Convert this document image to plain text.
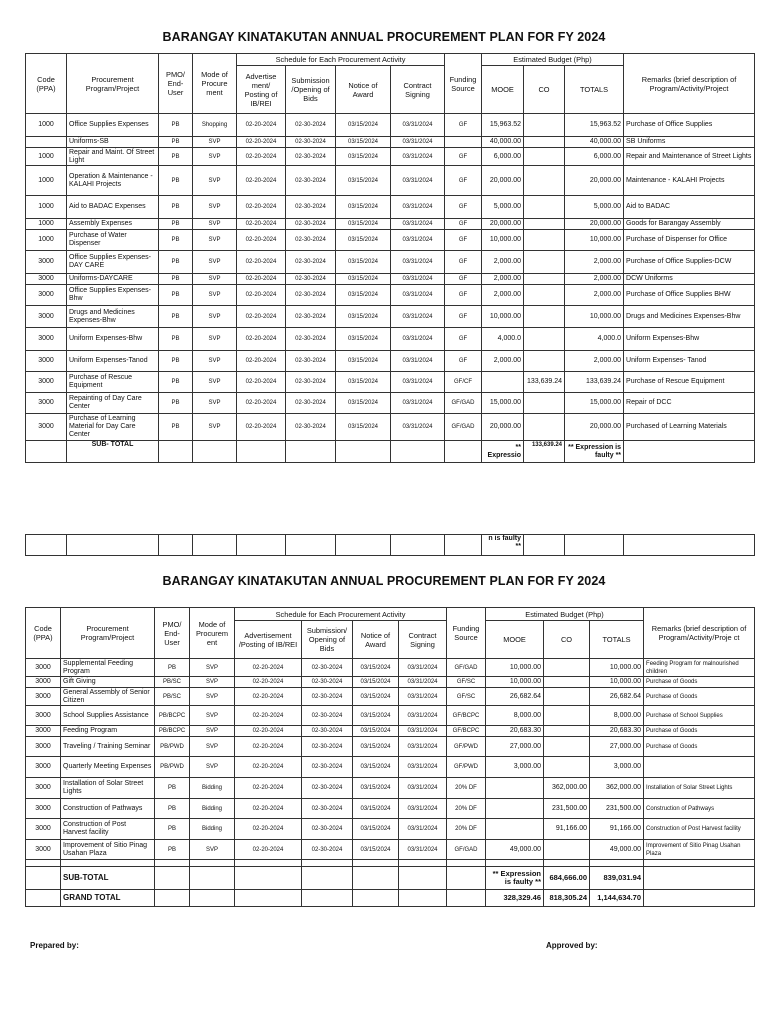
BARANGAY KINATAKUTAN ANNUAL PROCUREMENT PLAN FOR FY 2024
Code (PPA)	Procurement Program/Project	PMO/ End-User	Mode of Procure ment	Schedule for Each Procurement Activity				Funding Source	Estimated Budget (Php)			Remarks (brief description of Program/Activity/Project
				Advertise ment/ Posting of IB/REI	Submission /Opening of Bids	Notice of Award	Contract Signing		MOOE	CO	TOTALS	
1000	Office Supplies Expenses	PB	Shopping	02-20-2024	02-30-2024	03/15/2024	03/31/2024	GF	15,963.52		15,963.52	Purchase of Office Supplies
	Uniforms-SB	PB	SVP	02-20-2024	02-30-2024	03/15/2024	03/31/2024		40,000.00		40,000.00	SB Uniforms
1000	Repair and Maint. Of Street Light	PB	SVP	02-20-2024	02-30-2024	03/15/2024	03/31/2024	GF	6,000.00		6,000.00	Repair and Maintenance of Street Lights
1000	Operation & Maintenance - KALAHI Projects	PB	SVP	02-20-2024	02-30-2024	03/15/2024	03/31/2024	GF	20,000.00		20,000.00	Maintenance - KALAHI Projects
1000	Aid to BADAC Expenses	PB	SVP	02-20-2024	02-30-2024	03/15/2024	03/31/2024	GF	5,000.00		5,000.00	Aid to BADAC
1000	Assembly Expenses	PB	SVP	02-20-2024	02-30-2024	03/15/2024	03/31/2024	GF	20,000.00		20,000.00	Goods for Barangay Assembly
1000	Purchase of Water Dispenser	PB	SVP	02-20-2024	02-30-2024	03/15/2024	03/31/2024	GF	10,000.00		10,000.00	Purchase of Dispenser for Office
3000	Office Supplies Expenses-DAY CARE	PB	SVP	02-20-2024	02-30-2024	03/15/2024	03/31/2024	GF	2,000.00		2,000.00	Purchase of Office Supplies-DCW
3000	Uniforms-DAYCARE	PB	SVP	02-20-2024	02-30-2024	03/15/2024	03/31/2024	GF	2,000.00		2,000.00	DCW Uniforms
3000	Office Supplies Expenses-Bhw	PB	SVP	02-20-2024	02-30-2024	03/15/2024	03/31/2024	GF	2,000.00		2,000.00	Purchase of Office Supplies BHW
3000	Drugs and Medicines Expenses-Bhw	PB	SVP	02-20-2024	02-30-2024	03/15/2024	03/31/2024	GF	10,000.00		10,000.00	Drugs and Medicines Expenses-Bhw
3000	Uniform Expenses-Bhw	PB	SVP	02-20-2024	02-30-2024	03/15/2024	03/31/2024	GF	4,000.0		4,000.0	Uniform Expenses-Bhw
3000	Uniform Expenses-Tanod	PB	SVP	02-20-2024	02-30-2024	03/15/2024	03/31/2024	GF	2,000.00		2,000.00	Uniform Expenses- Tanod
3000	Purchase of Rescue Equipment	PB	SVP	02-20-2024	02-30-2024	03/15/2024	03/31/2024	GF/CF		133,639.24	133,639.24	Purchase of Rescue Equipment
3000	Repainting of Day Care Center	PB	SVP	02-20-2024	02-30-2024	03/15/2024	03/31/2024	GF/GAD	15,000.00		15,000.00	Repair of DCC
3000	Purchase of Learning Material for Day Care Center	PB	SVP	02-20-2024	02-30-2024	03/15/2024	03/31/2024	GF/GAD	20,000.00		20,000.00	Purchased of Learning Materials
	SUB- TOTAL								** Expressio	133,639.24	** Expression is faulty **	
									n is faulty **			
BARANGAY KINATAKUTAN ANNUAL PROCUREMENT PLAN FOR FY 2024
Code (PPA)	Procurement Program/Project	PMO/ End-User	Mode of Procurem ent	Schedule for Each Procurement Activity				Funding Source	Estimated Budget (Php)			Remarks (brief description of Program/Activity/Proje ct
				Advertisement /Posting of IB/REI	Submission/ Opening of Bids	Notice of Award	Contract Signing		MOOE	CO	TOTALS	
3000	Supplemental Feeding Program	PB	SVP	02-20-2024	02-30-2024	03/15/2024	03/31/2024	GF/GAD	10,000.00		10,000.00	Feeding Program for malnourished children
3000	Gift Giving	PB/SC	SVP	02-20-2024	02-30-2024	03/15/2024	03/31/2024	GF/SC	10,000.00		10,000.00	Purchase of Goods
3000	General Assembly of Senior Citizen	PB/SC	SVP	02-20-2024	02-30-2024	03/15/2024	03/31/2024	GF/SC	26,682.64		26,682.64	Purchase of Goods
3000	School Supplies Assistance	PB/BCPC	SVP	02-20-2024	02-30-2024	03/15/2024	03/31/2024	GF/BCPC	8,000.00		8,000.00	Purchase of School Supplies
3000	Feeding Program	PB/BCPC	SVP	02-20-2024	02-30-2024	03/15/2024	03/31/2024	GF/BCPC	20,683.30		20,683.30	Purchase of Goods
3000	Traveling / Training Seminar	PB/PWD	SVP	02-20-2024	02-30-2024	03/15/2024	03/31/2024	GF/PWD	27,000.00		27,000.00	Purchase of Goods
3000	Quarterly Meeting Expenses	PB/PWD	SVP	02-20-2024	02-30-2024	03/15/2024	03/31/2024	GF/PWD	3,000.00		3,000.00	
3000	Installation of Solar Street Lights	PB	Bidding	02-20-2024	02-30-2024	03/15/2024	03/31/2024	20% DF		362,000.00	362,000.00	Installation of Solar Street Lights
3000	Construction of Pathways	PB	Bidding	02-20-2024	02-30-2024	03/15/2024	03/31/2024	20% DF		231,500.00	231,500.00	Construction of Pathways
3000	Construction of Post Harvest facility	PB	Bidding	02-20-2024	02-30-2024	03/15/2024	03/31/2024	20% DF		91,166.00	91,166.00	Construction of Post Harvest facility
3000	Improvement of Sitio Pinag Usahan Plaza	PB	SVP	02-20-2024	02-30-2024	03/15/2024	03/31/2024	GF/GAD	49,000.00		49,000.00	Improvement of Sitio Pinag Usahan Plaza

	SUB-TOTAL								** Expression is faulty **	684,666.00	839,031.94	
	GRAND TOTAL								328,329.46	818,305.24	1,144,634.70	
Prepared by:	Approved by:
